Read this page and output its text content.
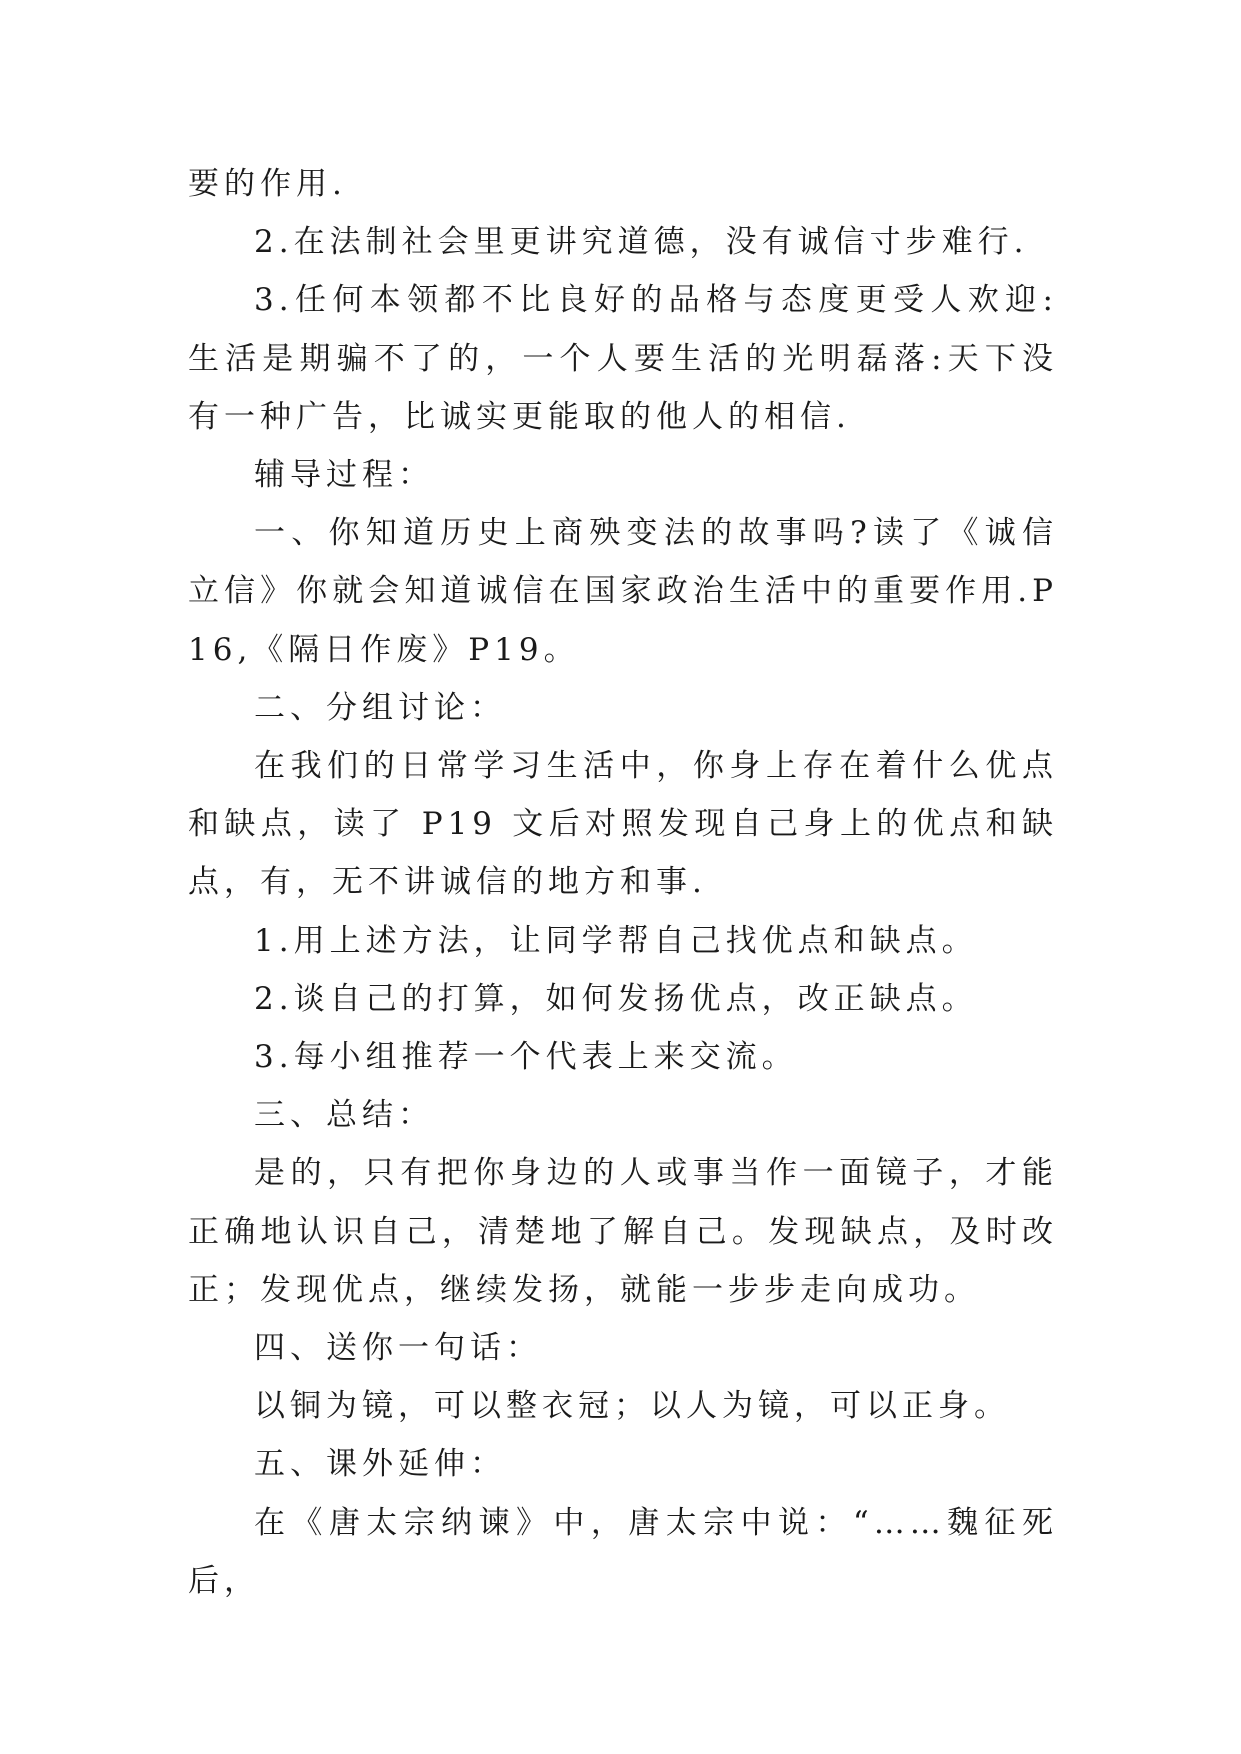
要的作用.

2.在法制社会里更讲究道德，没有诚信寸步难行.

3.任何本领都不比良好的品格与态度更受人欢迎:生活是期骗不了的，一个人要生活的光明磊落:天下没有一种广告，比诚实更能取的他人的相信.

辅导过程：

一、你知道历史上商殃变法的故事吗?读了《诚信立信》你就会知道诚信在国家政治生活中的重要作用.P16,《隔日作废》P19。

二、分组讨论：

在我们的日常学习生活中，你身上存在着什么优点和缺点，读了 P19 文后对照发现自己身上的优点和缺点，有，无不讲诚信的地方和事.

1.用上述方法，让同学帮自己找优点和缺点。

2.谈自己的打算，如何发扬优点，改正缺点。

3.每小组推荐一个代表上来交流。

三、总结：

是的，只有把你身边的人或事当作一面镜子，才能正确地认识自己，清楚地了解自己。发现缺点，及时改正；发现优点，继续发扬，就能一步步走向成功。

四、送你一句话：

以铜为镜，可以整衣冠；以人为镜，可以正身。

五、课外延伸：

在《唐太宗纳谏》中，唐太宗中说：“……魏征死后，
